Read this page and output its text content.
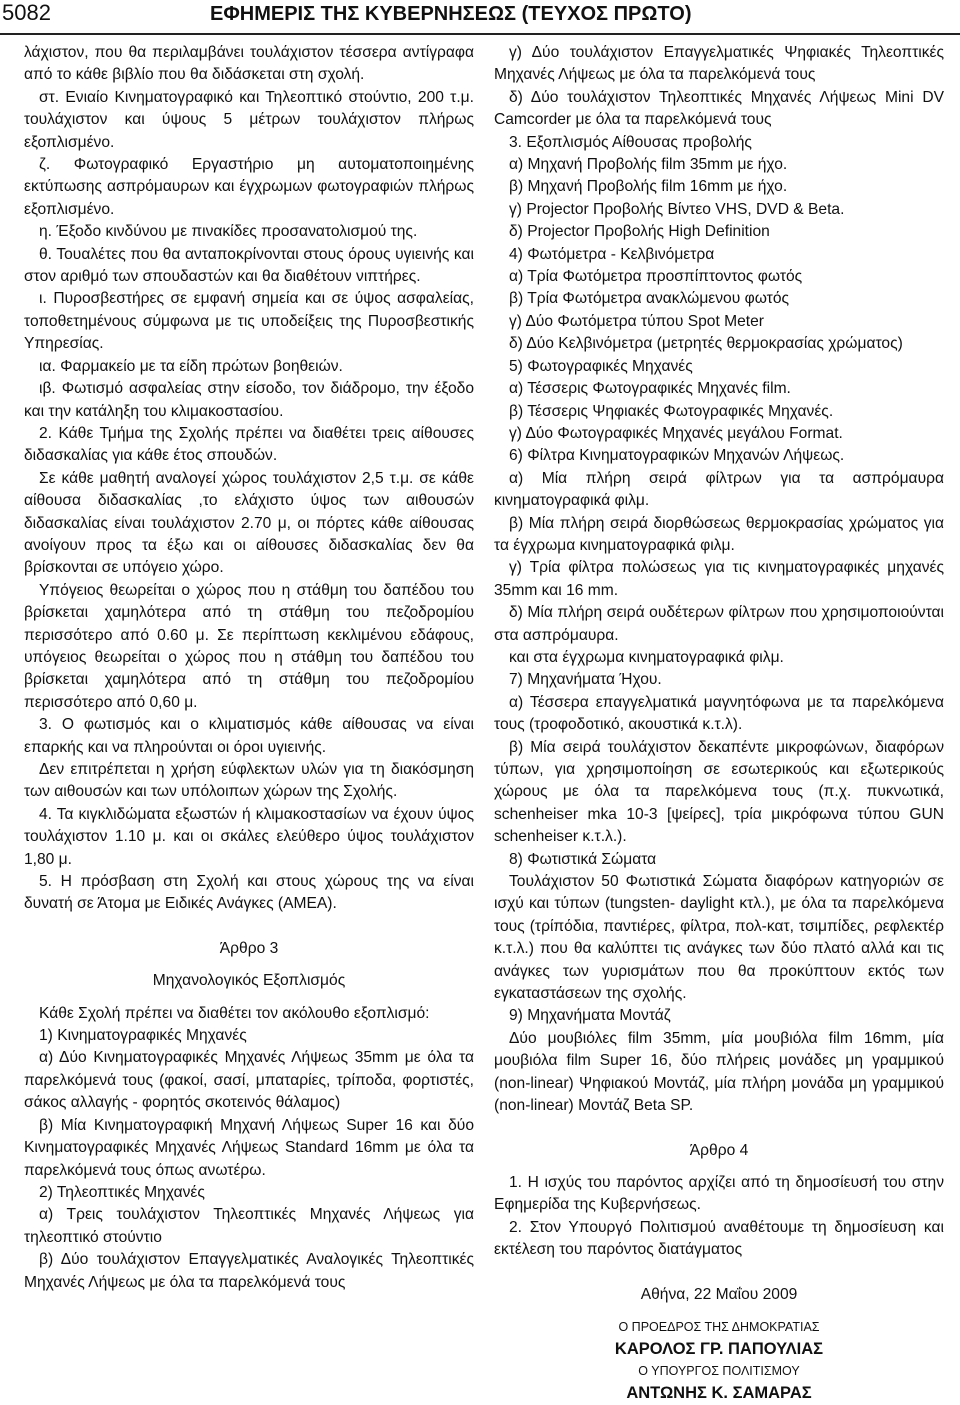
5082	ΕΦΗΜΕΡΙΣ ΤΗΣ ΚΥΒΕΡΝΗΣΕΩΣ (ΤΕΥΧΟΣ ΠΡΩΤΟ)

λάχιστον, που θα περιλαμβάνει τουλάχιστον τέσσερα αντίγραφα από το κάθε βιβλίο που θα διδάσκεται στη σχολή.

στ. Ενιαίο Κινηματογραφικό και Τηλεοπτικό στούντιο, 200 τ.μ. τουλάχιστον και ύψους 5 μέτρων τουλάχιστον πλήρως εξοπλισμένο.

ζ. Φωτογραφικό Εργαστήριο μη αυτοματοποιημένης εκτύπωσης ασπρόμαυρων και έγχρωμων φωτογραφιών πλήρως εξοπλισμένο.

η. Έξοδο κινδύνου με πινακίδες προσανατολισμού της.

θ. Τουαλέτες που θα ανταποκρίνονται στους όρους υγιεινής και στον αριθμό των σπουδαστών και θα διαθέτουν νιπτήρες.

ι. Πυροσβεστήρες σε εμφανή σημεία και σε ύψος ασφαλείας, τοποθετημένους σύμφωνα με τις υποδείξεις της Πυροσβεστικής Υπηρεσίας.

ια. Φαρμακείο με τα είδη πρώτων βοηθειών.

ιβ. Φωτισμό ασφαλείας στην είσοδο, τον διάδρομο, την έξοδο και την κατάληξη του κλιμακοστασίου.

2. Κάθε Τμήμα της Σχολής πρέπει να διαθέτει τρεις αίθουσες διδασκαλίας για κάθε έτος σπουδών.

Σε κάθε μαθητή αναλογεί χώρος τουλάχιστον 2,5 τ.μ. σε κάθε αίθουσα διδασκαλίας ,το ελάχιστο ύψος των αιθουσών διδασκαλίας είναι τουλάχιστον 2.70 μ, οι πόρτες κάθε αίθουσας ανοίγουν προς τα έξω και οι αίθουσες διδασκαλίας δεν θα βρίσκονται σε υπόγειο χώρο.

Υπόγειος θεωρείται ο χώρος που η στάθμη του δαπέδου του βρίσκεται χαμηλότερα από τη στάθμη του πεζοδρομίου περισσότερο από 0.60 μ. Σε περίπτωση κεκλιμένου εδάφους, υπόγειος θεωρείται ο χώρος που η στάθμη του δαπέδου του βρίσκεται χαμηλότερα από τη στάθμη του πεζοδρομίου περισσότερο από 0,60 μ.

3. Ο φωτισμός και ο κλιματισμός κάθε αίθουσας να είναι επαρκής και να πληρούνται οι όροι υγιεινής.

Δεν επιτρέπεται η χρήση εύφλεκτων υλών για τη διακόσμηση των αιθουσών και των υπόλοιπων χώρων της Σχολής.

4. Τα κιγκλιδώματα εξωστών ή κλιμακοστασίων να έχουν ύψος τουλάχιστον 1.10 μ. και οι σκάλες ελεύθερο ύψος τουλάχιστον 1,80 μ.

5. Η πρόσβαση στη Σχολή και στους χώρους της να είναι δυνατή σε Άτομα με Ειδικές Ανάγκες (ΑΜΕΑ).

Άρθρο 3

Μηχανολογικός Εξοπλισμός

Κάθε Σχολή πρέπει να διαθέτει τον ακόλουθο εξοπλισμό:

1) Κινηματογραφικές Μηχανές

α) Δύο Κινηματογραφικές Μηχανές Λήψεως 35mm με όλα τα παρελκόμενά τους (φακοί, σασί, μπαταρίες, τρίποδα, φορτιστές, σάκος αλλαγής - φορητός σκοτεινός θάλαμος)

β) Μία Κινηματογραφική Μηχανή Λήψεως Super 16 και δύο Κινηματογραφικές Μηχανές Λήψεως Standard 16mm με όλα τα παρελκόμενά τους όπως ανωτέρω.

2) Τηλεοπτικές Μηχανές

α) Τρεις τουλάχιστον Τηλεοπτικές Μηχανές Λήψεως για τηλεοπτικό στούντιο

β) Δύο τουλάχιστον Επαγγελματικές Αναλογικές Τηλεοπτικές Μηχανές Λήψεως με όλα τα παρελκόμενά τους

γ) Δύο τουλάχιστον Επαγγελματικές Ψηφιακές Τηλεοπτικές Μηχανές Λήψεως με όλα τα παρελκόμενά τους

δ) Δύο τουλάχιστον Τηλεοπτικές Μηχανές Λήψεως Mini DV Camcorder με όλα τα παρελκόμενά τους

3. Εξοπλισμός Αίθουσας προβολής

α) Μηχανή Προβολής film 35mm με ήχο.

β) Μηχανή Προβολής film 16mm με ήχο.

γ) Projector Προβολής Βίντεο VHS, DVD & Beta.

δ) Projector Προβολής High Definition

4) Φωτόμετρα - Κελβινόμετρα

α) Τρία Φωτόμετρα προσπίπτοντος φωτός

β) Τρία Φωτόμετρα ανακλώμενου φωτός

γ) Δύο Φωτόμετρα τύπου Spot Meter

δ) Δύο Κελβινόμετρα (μετρητές θερμοκρασίας χρώματος)

5) Φωτογραφικές Μηχανές

α) Τέσσερις Φωτογραφικές Μηχανές film.

β) Τέσσερις Ψηφιακές Φωτογραφικές Μηχανές.

γ) Δύο Φωτογραφικές Μηχανές μεγάλου Format.

6) Φίλτρα Κινηματογραφικών Μηχανών Λήψεως.

α) Μία πλήρη σειρά φίλτρων για τα ασπρόμαυρα κινηματογραφικά φιλμ.

β) Μία πλήρη σειρά διορθώσεως θερμοκρασίας χρώματος για τα έγχρωμα κινηματογραφικά φιλμ.

γ) Τρία φίλτρα πολώσεως για τις κινηματογραφικές μηχανές 35mm και 16 mm.

δ) Μία πλήρη σειρά ουδέτερων φίλτρων που χρησιμοποιούνται στα ασπρόμαυρα.

και στα έγχρωμα κινηματογραφικά φιλμ.

7) Μηχανήματα Ήχου.

α) Τέσσερα επαγγελματικά μαγνητόφωνα με τα παρελκόμενα τους (τροφοδοτικό, ακουστικά κ.τ.λ).

β) Μία σειρά τουλάχιστον δεκαπέντε μικροφώνων, διαφόρων τύπων, για χρησιμοποίηση σε εσωτερικούς και εξωτερικούς χώρους με όλα τα παρελκόμενα τους (π.χ. πυκνωτικά, schenheiser mka 10-3 [ψείρες], τρία μικρόφωνα τύπου GUN schenheiser κ.τ.λ.).

8) Φωτιστικά Σώματα

Τουλάχιστον 50 Φωτιστικά Σώματα διαφόρων κατηγοριών σε ισχύ και τύπων (tungsten- daylight κτλ.), με όλα τα παρελκόμενα τους (τρίπόδια, παντιέρες, φίλτρα, πολ-κατ, τσιμπίδες, ρεφλεκτέρ κ.τ.λ.) που θα καλύπτει τις ανάγκες των δύο πλατό αλλά και τις ανάγκες των γυρισμάτων που θα προκύπτουν εκτός των εγκαταστάσεων της σχολής.

9) Μηχανήματα Μοντάζ

Δύο μουβιόλες film 35mm, μία μουβιόλα film 16mm, μία μουβιόλα film Super 16, δύο πλήρεις μονάδες μη γραμμικού (non-linear) Ψηφιακού Μοντάζ, μία πλήρη μονάδα μη γραμμικού (non-linear) Μοντάζ Beta SP.

Άρθρο 4

1. Η ισχύς του παρόντος αρχίζει από τη δημοσίευσή του στην Εφημερίδα της Κυβερνήσεως.

2. Στον Υπουργό Πολιτισμού αναθέτουμε τη δημοσίευση και εκτέλεση του παρόντος διατάγματος

Αθήνα, 22 Μαΐου 2009

Ο ΠΡΟΕΔΡΟΣ ΤΗΣ ΔΗΜΟΚΡΑΤΙΑΣ

ΚΑΡΟΛΟΣ ΓΡ. ΠΑΠΟΥΛΙΑΣ

Ο ΥΠΟΥΡΓΟΣ ΠΟΛΙΤΙΣΜΟΥ

ΑΝΤΩΝΗΣ Κ. ΣΑΜΑΡΑΣ
